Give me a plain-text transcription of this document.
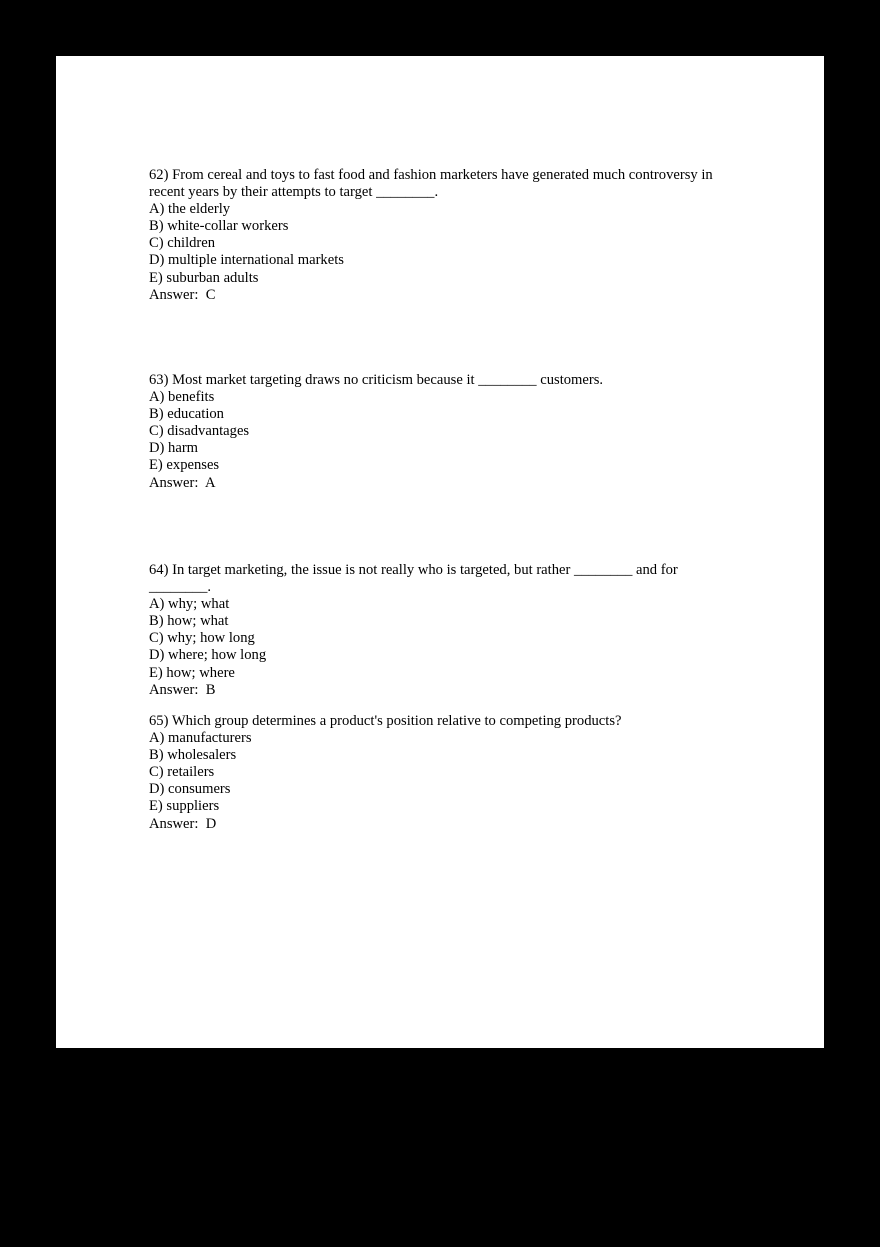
62) From cereal and toys to fast food and fashion marketers have generated much controversy in recent years by their attempts to target ________.
A) the elderly
B) white-collar workers
C) children
D) multiple international markets
E) suburban adults
Answer:  C
63) Most market targeting draws no criticism because it ________ customers.
A) benefits
B) education
C) disadvantages
D) harm
E) expenses
Answer:  A
64) In target marketing, the issue is not really who is targeted, but rather ________ and for ________.
A) why; what
B) how; what
C) why; how long
D) where; how long
E) how; where
Answer:  B
65) Which group determines a product's position relative to competing products?
A) manufacturers
B) wholesalers
C) retailers
D) consumers
E) suppliers
Answer:  D
